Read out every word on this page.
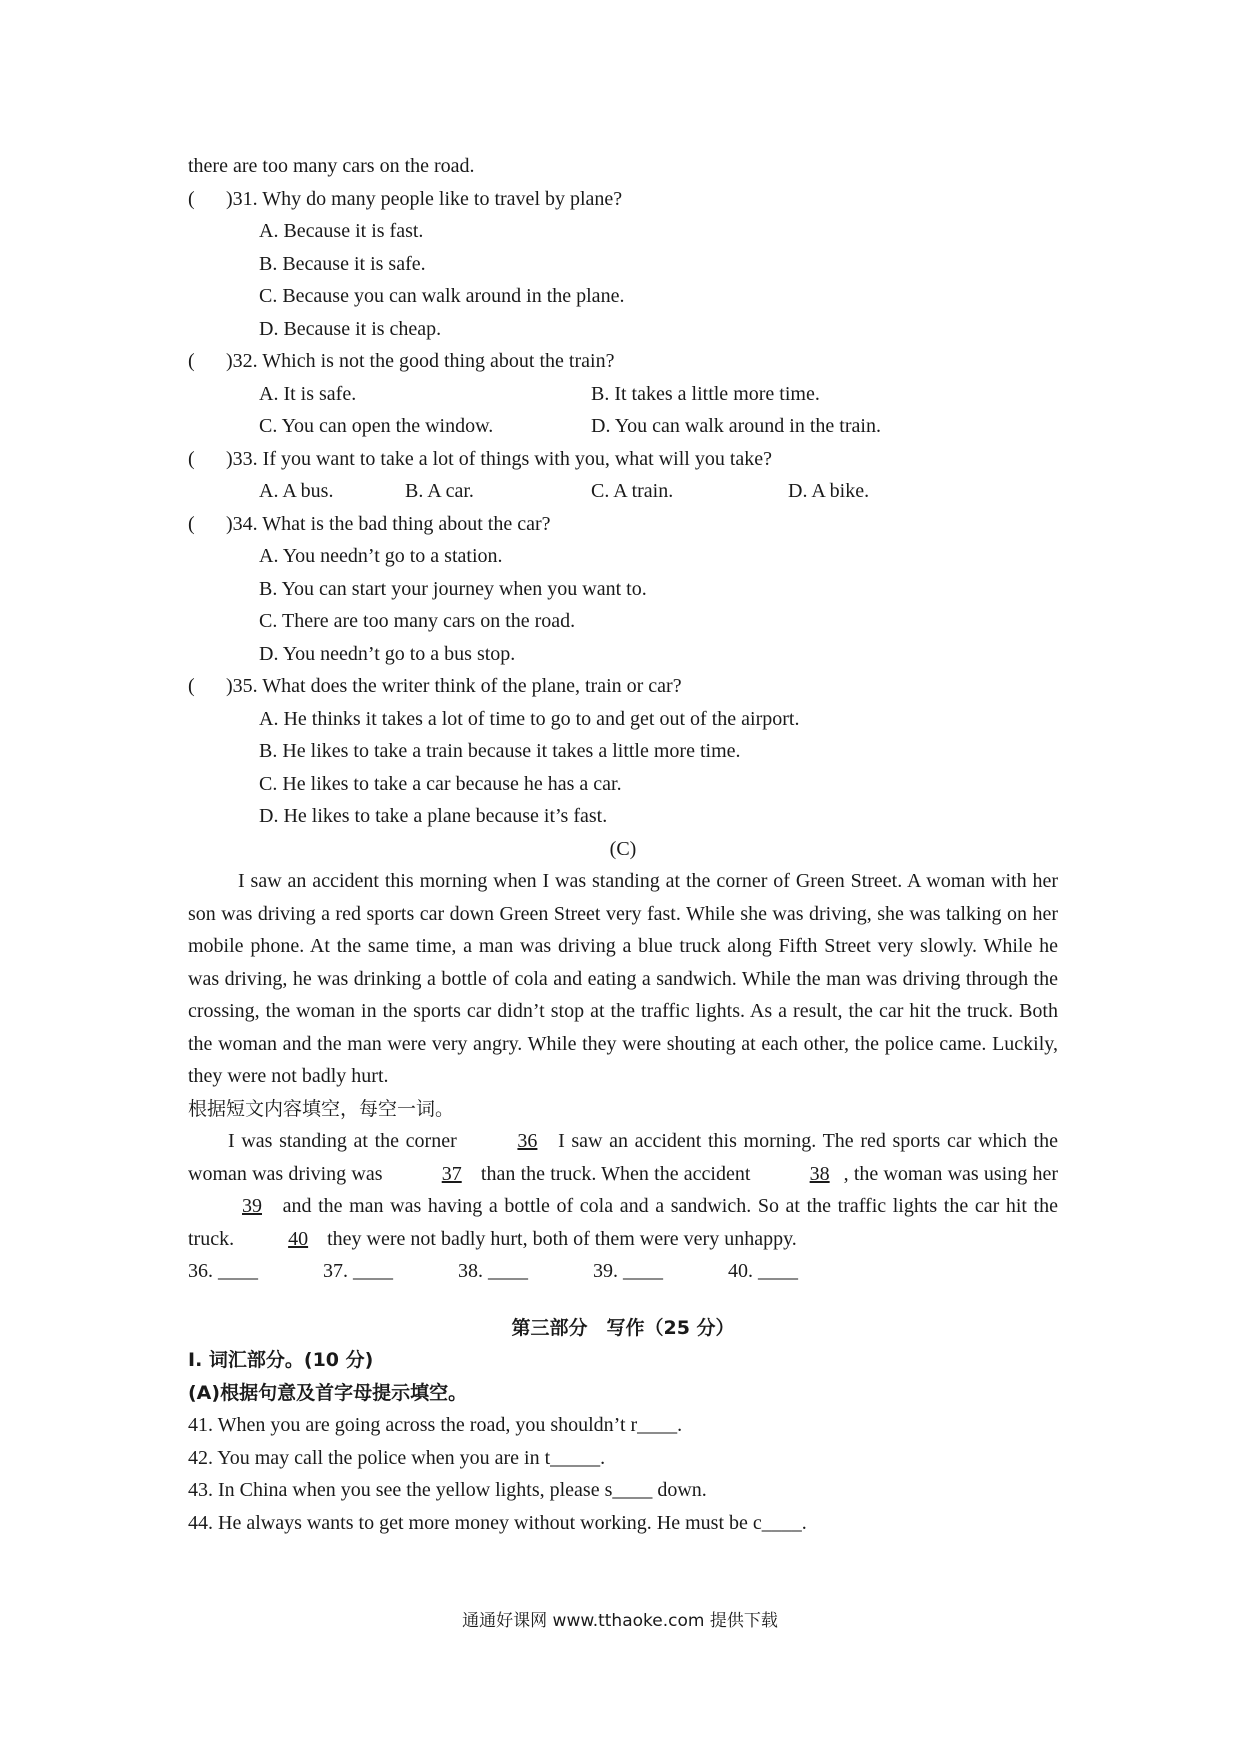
there are too many cars on the road.
( )31. Why do many people like to travel by plane?
A. Because it is fast.
B. Because it is safe.
C. Because you can walk around in the plane.
D. Because it is cheap.
( )32. Which is not the good thing about the train?
A. It is safe.	B. It takes a little more time.
C. You can open the window.	D. You can walk around in the train.
( )33. If you want to take a lot of things with you, what will you take?
A. A bus.	B. A car.	C. A train.	D. A bike.
( )34. What is the bad thing about the car?
A. You needn’t go to a station.
B. You can start your journey when you want to.
C. There are too many cars on the road.
D. You needn’t go to a bus stop.
( )35. What does the writer think of the plane, train or car?
A. He thinks it takes a lot of time to go to and get out of the airport.
B. He likes to take a train because it takes a little more time.
C. He likes to take a car because he has a car.
D. He likes to take a plane because it’s fast.
(C)
I saw an accident this morning when I was standing at the corner of Green Street. A woman with her son was driving a red sports car down Green Street very fast. While she was driving, she was talking on her mobile phone. At the same time, a man was driving a blue truck along Fifth Street very slowly. While he was driving, he was drinking a bottle of cola and eating a sandwich. While the man was driving through the crossing, the woman in the sports car didn’t stop at the traffic lights. As a result, the car hit the truck. Both the woman and the man were very angry. While they were shouting at each other, the police came. Luckily, they were not badly hurt.
根据短文内容填空，每空一词。
I was standing at the corner	36 I saw an accident this morning. The red sports car which the woman was driving was	37 than the truck. When the accident	38 , the woman was using her39 and the man was having a bottle of cola and a sandwich. So at the traffic lights the car hit the truck.	40 they were not badly hurt, both of them were very unhappy.
36. ____	37. ____	38. ____	39. ____	40. ____
第三部分　写作（25 分）
I. 词汇部分。(10 分)
(A)根据句意及首字母提示填空。
41. When you are going across the road, you shouldn’t r____.
42. You may call the police when you are in t_____.
43. In China when you see the yellow lights, please s____ down.
44. He always wants to get more money without working. He must be c____.
通通好课网 www.tthaoke.com 提供下载
